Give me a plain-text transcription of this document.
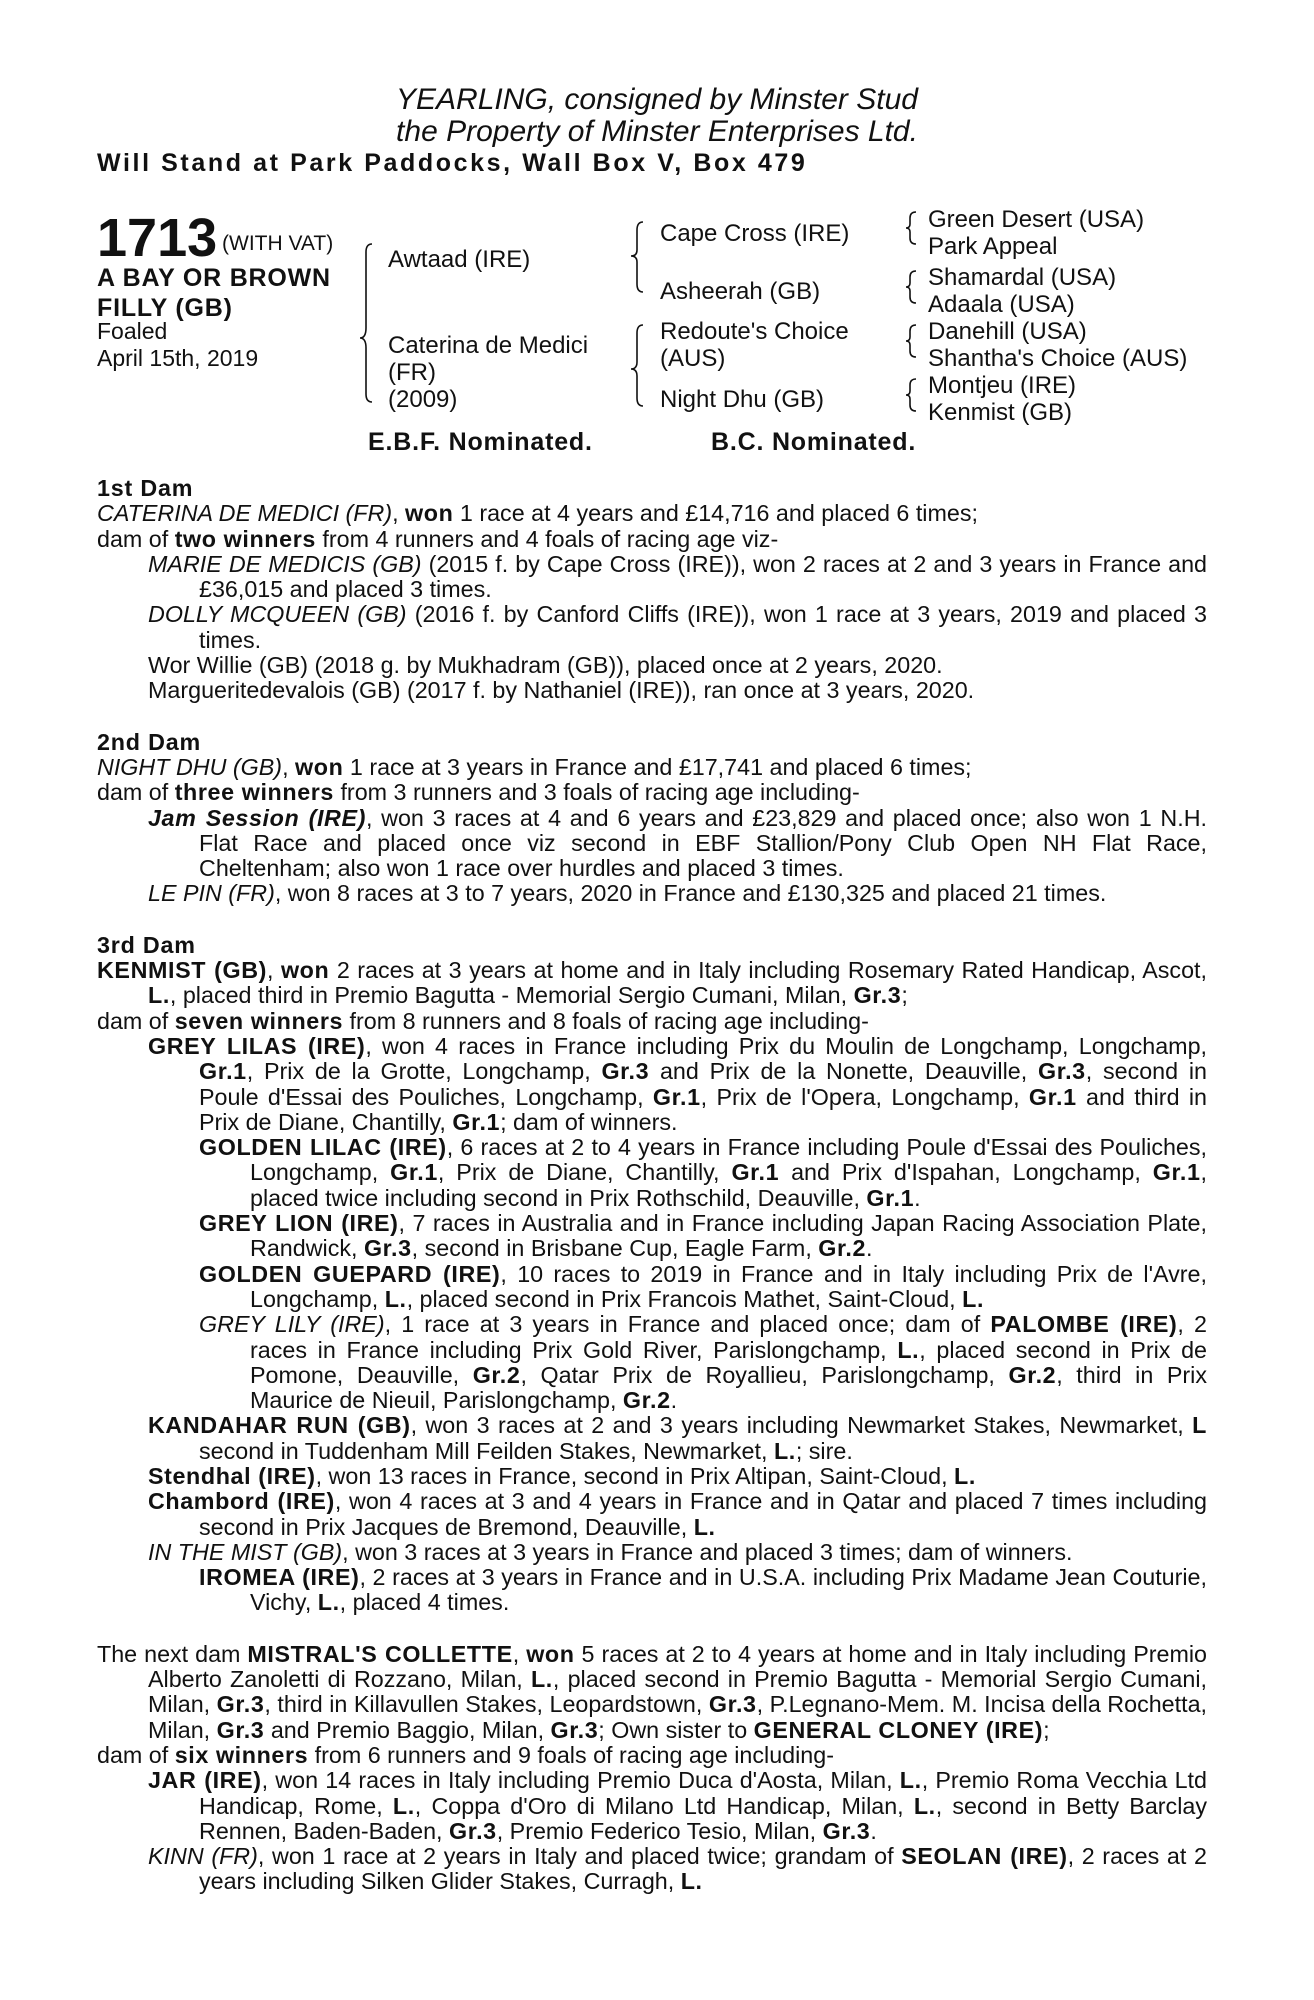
YEARLING, consigned by Minster Stud
the Property of Minster Enterprises Ltd.
Will Stand at Park Paddocks, Wall Box V, Box 479
1713 (WITH VAT)
A BAY OR BROWN
FILLY (GB)
Foaled
April 15th, 2019
Awtaad (IRE)
Caterina de Medici
(FR)
(2009)
Cape Cross (IRE)
Asheerah (GB)
Redoute's Choice
(AUS)
Night Dhu (GB)
Green Desert (USA)
Park Appeal
Shamardal (USA)
Adaala (USA)
Danehill (USA)
Shantha's Choice (AUS)
Montjeu (IRE)
Kenmist (GB)
E.B.F. Nominated.	B.C. Nominated.

1st Dam

CATERINA DE MEDICI (FR), won 1 race at 4 years and £14,716 and placed 6 times;

dam of two winners from 4 runners and 4 foals of racing age viz-

MARIE DE MEDICIS (GB) (2015 f. by Cape Cross (IRE)), won 2 races at 2 and 3 years in France and £36,015 and placed 3 times.

DOLLY MCQUEEN (GB) (2016 f. by Canford Cliffs (IRE)), won 1 race at 3 years, 2019 and placed 3 times.

Wor Willie (GB) (2018 g. by Mukhadram (GB)), placed once at 2 years, 2020.

Margueritedevalois (GB) (2017 f. by Nathaniel (IRE)), ran once at 3 years, 2020.

2nd Dam

NIGHT DHU (GB), won 1 race at 3 years in France and £17,741 and placed 6 times;

dam of three winners from 3 runners and 3 foals of racing age including-

Jam Session (IRE), won 3 races at 4 and 6 years and £23,829 and placed once; also won 1 N.H. Flat Race and placed once viz second in EBF Stallion/Pony Club Open NH Flat Race, Cheltenham; also won 1 race over hurdles and placed 3 times.

LE PIN (FR), won 8 races at 3 to 7 years, 2020 in France and £130,325 and placed 21 times.

3rd Dam

KENMIST (GB), won 2 races at 3 years at home and in Italy including Rosemary Rated Handicap, Ascot, L., placed third in Premio Bagutta - Memorial Sergio Cumani, Milan, Gr.3;

dam of seven winners from 8 runners and 8 foals of racing age including-

GREY LILAS (IRE), won 4 races in France including Prix du Moulin de Longchamp, Longchamp, Gr.1, Prix de la Grotte, Longchamp, Gr.3 and Prix de la Nonette, Deauville, Gr.3, second in Poule d'Essai des Pouliches, Longchamp, Gr.1, Prix de l'Opera, Longchamp, Gr.1 and third in Prix de Diane, Chantilly, Gr.1; dam of winners.

GOLDEN LILAC (IRE), 6 races at 2 to 4 years in France including Poule d'Essai des Pouliches, Longchamp, Gr.1, Prix de Diane, Chantilly, Gr.1 and Prix d'Ispahan, Longchamp, Gr.1, placed twice including second in Prix Rothschild, Deauville, Gr.1.

GREY LION (IRE), 7 races in Australia and in France including Japan Racing Association Plate, Randwick, Gr.3, second in Brisbane Cup, Eagle Farm, Gr.2.

GOLDEN GUEPARD (IRE), 10 races to 2019 in France and in Italy including Prix de l'Avre, Longchamp, L., placed second in Prix Francois Mathet, Saint-Cloud, L.

GREY LILY (IRE), 1 race at 3 years in France and placed once; dam of PALOMBE (IRE), 2 races in France including Prix Gold River, Parislongchamp, L., placed second in Prix de Pomone, Deauville, Gr.2, Qatar Prix de Royallieu, Parislongchamp, Gr.2, third in Prix Maurice de Nieuil, Parislongchamp, Gr.2.

KANDAHAR RUN (GB), won 3 races at 2 and 3 years including Newmarket Stakes, Newmarket, L second in Tuddenham Mill Feilden Stakes, Newmarket, L.; sire.

Stendhal (IRE), won 13 races in France, second in Prix Altipan, Saint-Cloud, L.

Chambord (IRE), won 4 races at 3 and 4 years in France and in Qatar and placed 7 times including second in Prix Jacques de Bremond, Deauville, L.

IN THE MIST (GB), won 3 races at 3 years in France and placed 3 times; dam of winners.

IROMEA (IRE), 2 races at 3 years in France and in U.S.A. including Prix Madame Jean Couturie, Vichy, L., placed 4 times.

The next dam MISTRAL'S COLLETTE, won 5 races at 2 to 4 years at home and in Italy including Premio Alberto Zanoletti di Rozzano, Milan, L., placed second in Premio Bagutta - Memorial Sergio Cumani, Milan, Gr.3, third in Killavullen Stakes, Leopardstown, Gr.3, P.Legnano-Mem. M. Incisa della Rochetta, Milan, Gr.3 and Premio Baggio, Milan, Gr.3; Own sister to GENERAL CLONEY (IRE);

dam of six winners from 6 runners and 9 foals of racing age including-

JAR (IRE), won 14 races in Italy including Premio Duca d'Aosta, Milan, L., Premio Roma Vecchia Ltd Handicap, Rome, L., Coppa d'Oro di Milano Ltd Handicap, Milan, L., second in Betty Barclay Rennen, Baden-Baden, Gr.3, Premio Federico Tesio, Milan, Gr.3.

KINN (FR), won 1 race at 2 years in Italy and placed twice; grandam of SEOLAN (IRE), 2 races at 2 years including Silken Glider Stakes, Curragh, L.
